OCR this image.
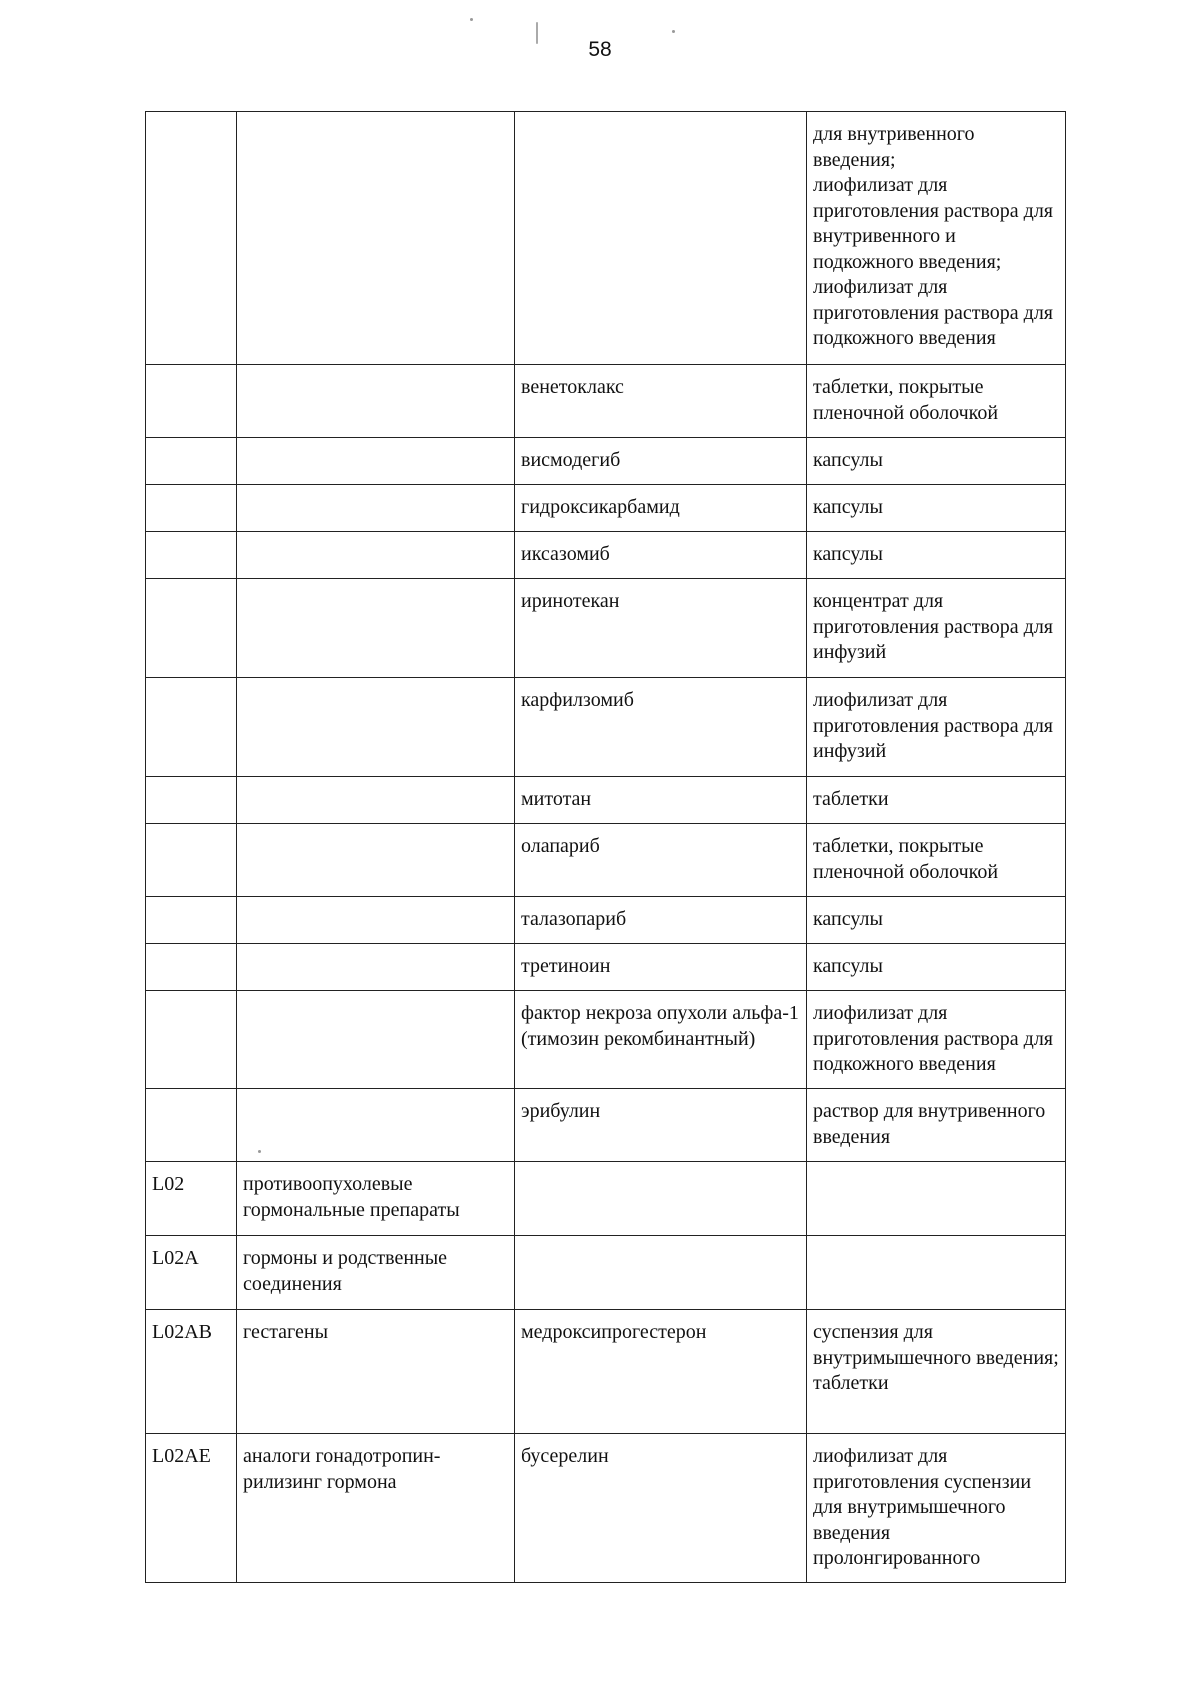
58
			для внутривенного введения;
лиофилизат для приготовления раствора для внутривенного и подкожного введения;
лиофилизат для приготовления раствора для подкожного введения
		венетоклакс	таблетки, покрытые пленочной оболочкой
		висмодегиб	капсулы
		гидроксикарбамид	капсулы
		иксазомиб	капсулы
		иринотекан	концентрат для приготовления раствора для инфузий
		карфилзомиб	лиофилизат для приготовления раствора для инфузий
		митотан	таблетки
		олапариб	таблетки, покрытые пленочной оболочкой
		талазопариб	капсулы
		третиноин	капсулы
		фактор некроза опухоли альфа-1 (тимозин рекомбинантный)	лиофилизат для приготовления раствора для подкожного введения
		эрибулин	раствор для внутривенного введения
L02	противоопухолевые гормональные препараты		
L02A	гормоны и родственные соединения		
L02AB	гестагены	медроксипрогестерон	суспензия для внутримышечного введения;
таблетки
L02AE	аналоги гонадотропин-рилизинг гормона	бусерелин	лиофилизат для приготовления суспензии для внутримышечного введения пролонгированного
